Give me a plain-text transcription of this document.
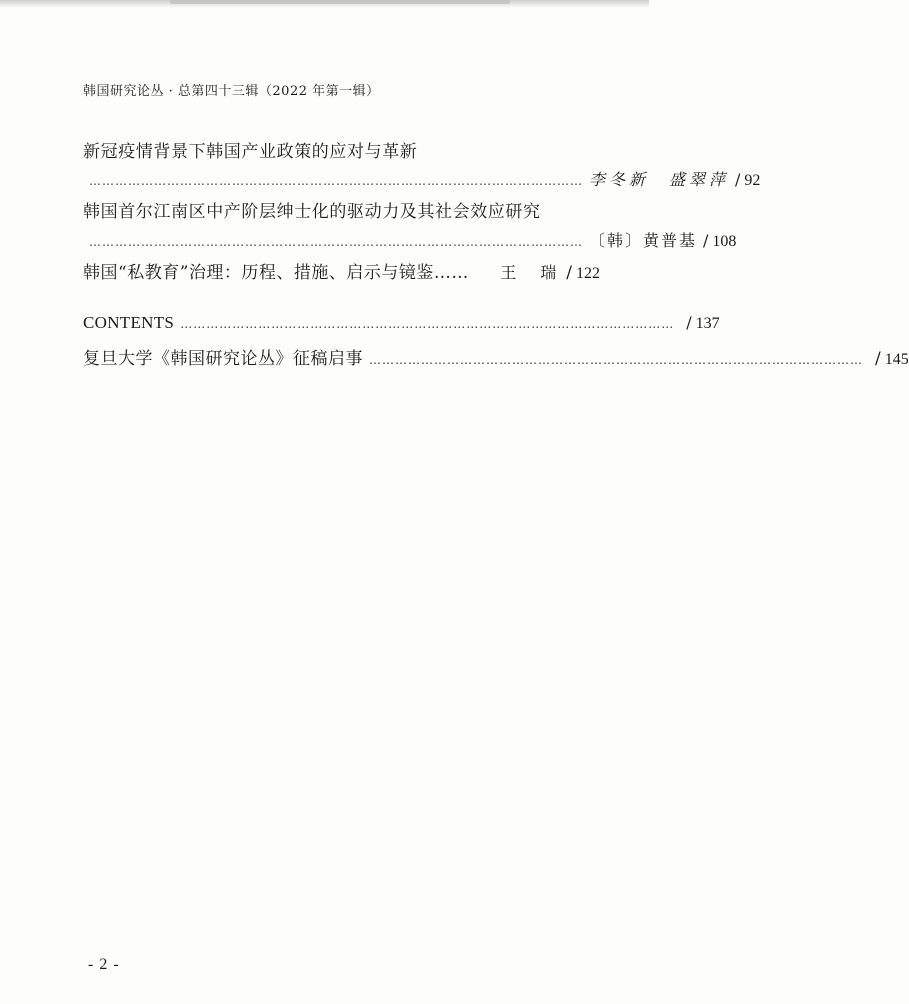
韩国研究论丛 · 总第四十三辑（2022 年第一辑）
新冠疫情背景下韩国产业政策的应对与革新
…………………………………………………………………………………………………… 李冬新　盛翠萍 / 92
韩国首尔江南区中产阶层绅士化的驱动力及其社会效应研究
…………………………………………………………………………………………………… 〔韩〕黄普基 / 108
韩国“私教育”治理：历程、措施、启示与镜鉴…… 王　瑞 / 122
CONTENTS …………………………………………………………………………………………………… / 137
复旦大学《韩国研究论丛》征稿启事 …………………………………………………………………………………………………… / 145
- 2 -
